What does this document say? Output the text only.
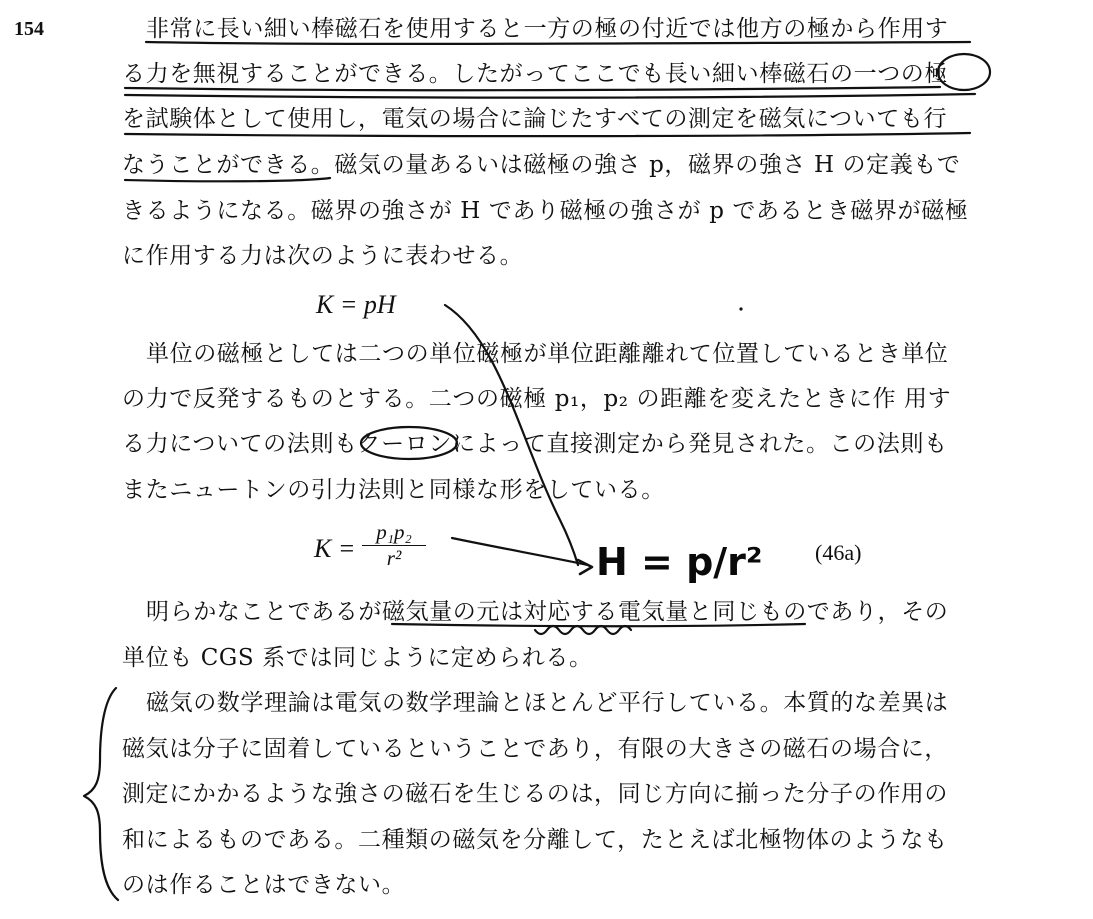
154	非常に長い細い棒磁石を使用すると一方の極の付近では他方の極から作用す
る力を無視することができる。したがってここでも長い細い棒磁石の一つの極
を試験体として使用し，電気の場合に論じたすべての測定を磁気についても行
なうことができる。磁気の量あるいは磁極の強さ p，磁界の強さ H の定義もで
きるようになる。磁界の強さが H であり磁極の強さが p であるとき磁界が磁極
に作用する力は次のように表わせる。
K = pH
単位の磁極としては二つの単位磁極が単位距離離れて位置しているとき単位
の力で反発するものとする。二つの磁極 p₁，p₂ の距離を変えたときに作 用す
る力についての法則もクーロンによって直接測定から発見された。この法則も
またニュートンの引力法則と同様な形をしている。
$K = \frac{\text{p₁p₂}}{\text{r²}}$	(46a)
明らかなことであるが磁気量の元は対応する電気量と同じものであり，その
単位も CGS 系では同じように定められる。
磁気の数学理論は電気の数学理論とほとんど平行している。本質的な差異は
磁気は分子に固着しているということであり，有限の大きさの磁石の場合に，
測定にかかるような強さの磁石を生じるのは，同じ方向に揃った分子の作用の
和によるものである。二種類の磁気を分離して，たとえば北極物体のようなも
のは作ることはできない。
H = p/r²
